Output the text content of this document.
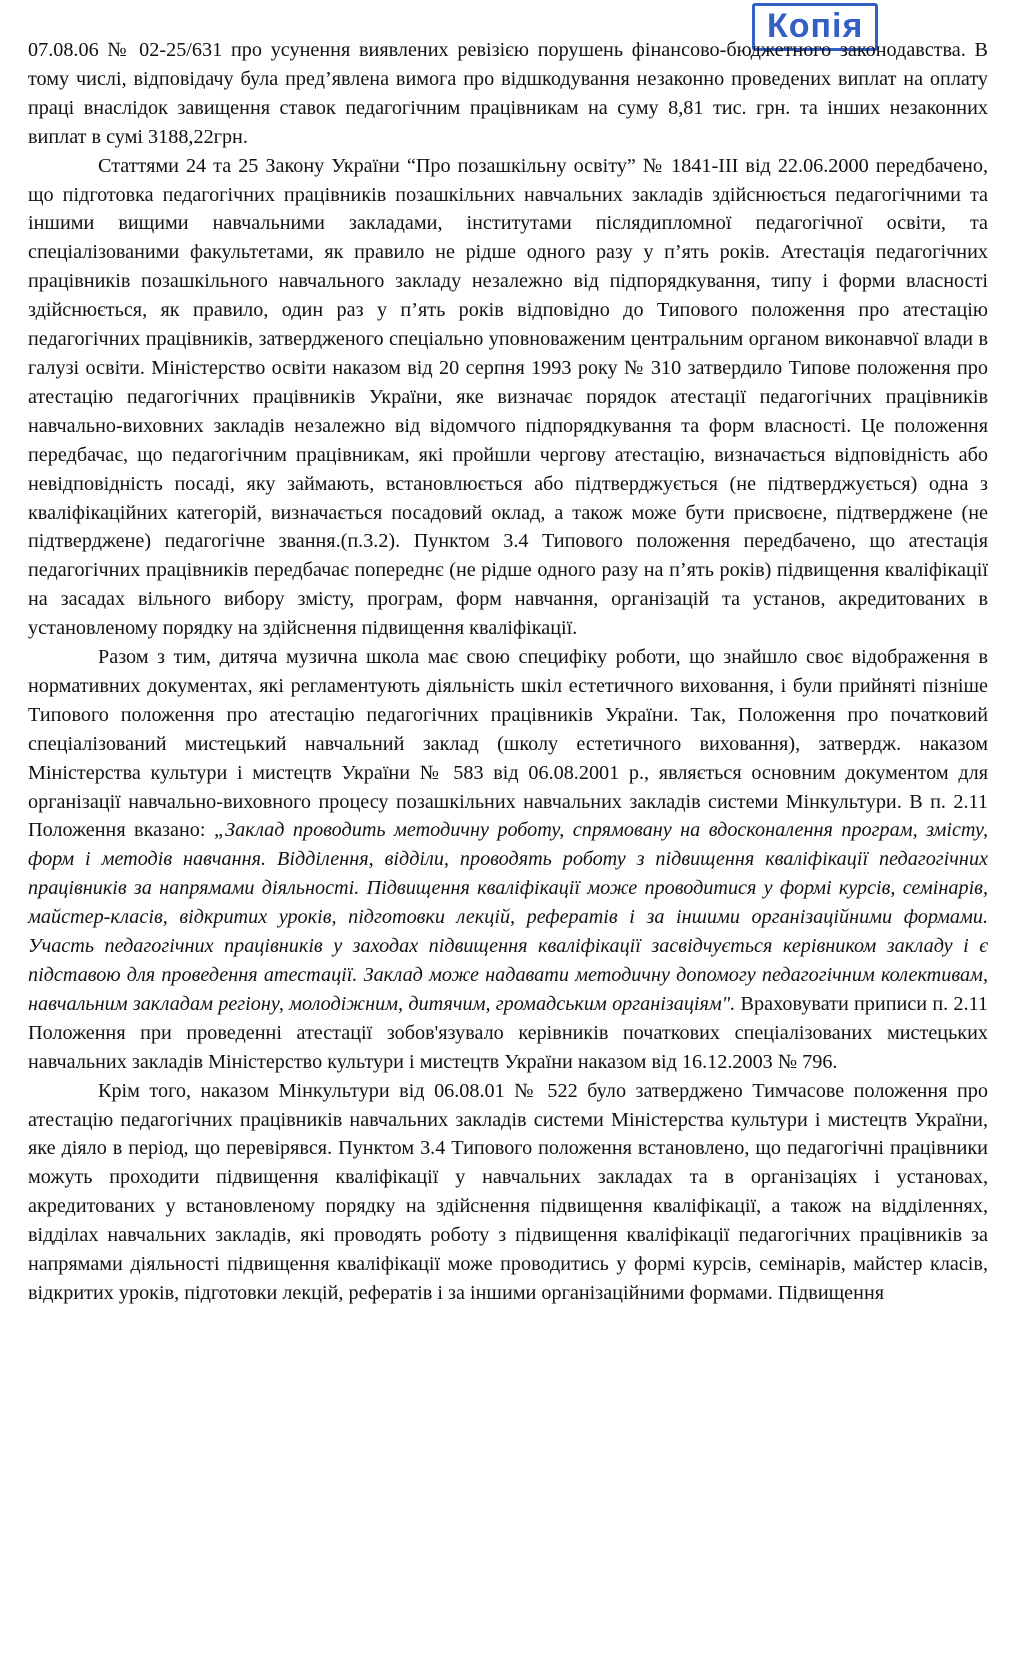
Копія

07.08.06 № 02-25/631 про усунення виявлених ревізією порушень фінансово-бюджетного законодавства. В тому числі, відповідачу була пред’явлена вимога про відшкодування незаконно проведених виплат на оплату праці внаслідок завищення ставок педагогічним працівникам на суму 8,81 тис. грн. та інших незаконних виплат в сумі 3188,22грн.

Статтями 24 та 25 Закону України “Про позашкільну освіту” № 1841-ІІІ від 22.06.2000 передбачено, що підготовка педагогічних працівників позашкільних навчальних закладів здійснюється педагогічними та іншими вищими навчальними закладами, інститутами післядипломної педагогічної освіти, та спеціалізованими факультетами, як правило не рідше одного разу у п’ять років. Атестація педагогічних працівників позашкільного навчального закладу незалежно від підпорядкування, типу і форми власності здійснюється, як правило, один раз у п’ять років відповідно до Типового положення про атестацію педагогічних працівників, затвердженого спеціально уповноваженим центральним органом виконавчої влади в галузі освіти. Міністерство освіти наказом від 20 серпня 1993 року № 310 затвердило Типове положення про атестацію педагогічних працівників України, яке визначає порядок атестації педагогічних працівників навчально-виховних закладів незалежно від відомчого підпорядкування та форм власності. Це положення передбачає, що педагогічним працівникам, які пройшли чергову атестацію, визначається відповідність або невідповідність посаді, яку займають, встановлюється або підтверджується (не підтверджується) одна з кваліфікаційних категорій, визначається посадовий оклад, а також може бути присвоєне, підтверджене (не підтверджене) педагогічне звання.(п.3.2). Пунктом 3.4 Типового положення передбачено, що атестація педагогічних працівників передбачає попереднє (не рідше одного разу на п’ять років) підвищення кваліфікації на засадах вільного вибору змісту, програм, форм навчання, організацій та установ, акредитованих в установленому порядку на здійснення підвищення кваліфікації.

Разом з тим, дитяча музична школа має свою специфіку роботи, що знайшло своє відображення в нормативних документах, які регламентують діяльність шкіл естетичного виховання, і були прийняті пізніше Типового положення про атестацію педагогічних працівників України. Так, Положення про початковий спеціалізований мистецький навчальний заклад (школу естетичного виховання), затвердж. наказом Міністерства культури і мистецтв України № 583 від 06.08.2001 р., являється основним документом для організації навчально-виховного процесу позашкільних навчальних закладів системи Мінкультури. В п. 2.11 Положення вказано: „Заклад проводить методичну роботу, спрямовану на вдосконалення програм, змісту, форм і методів навчання. Відділення, відділи, проводять роботу з підвищення кваліфікації педагогічних працівників за напрямами діяльності. Підвищення кваліфікації може проводитися у формі курсів, семінарів, майстер-класів, відкритих уроків, підготовки лекцій, рефератів і за іншими організаційними формами. Участь педагогічних працівників у заходах підвищення кваліфікації засвідчується керівником закладу і є підставою для проведення атестації. Заклад може надавати методичну допомогу педагогічним колективам, навчальним закладам регіону, молодіжним, дитячим, громадським організаціям". Враховувати приписи п. 2.11 Положення при проведенні атестації зобов'язувало керівників початкових спеціалізованих мистецьких навчальних закладів Міністерство культури і мистецтв України наказом від 16.12.2003 № 796.

Крім того, наказом Мінкультури від 06.08.01 № 522 було затверджено Тимчасове положення про атестацію педагогічних працівників навчальних закладів системи Міністерства культури і мистецтв України, яке діяло в період, що перевірявся. Пунктом 3.4 Типового положення встановлено, що педагогічні працівники можуть проходити підвищення кваліфікації у навчальних закладах та в організаціях і установах, акредитованих у встановленому порядку на здійснення підвищення кваліфікації, а також на відділеннях, відділах навчальних закладів, які проводять роботу з підвищення кваліфікації педагогічних працівників за напрямами діяльності підвищення кваліфікації може проводитись у формі курсів, семінарів, майстер класів, відкритих уроків, підготовки лекцій, рефератів і за іншими організаційними формами. Підвищення
